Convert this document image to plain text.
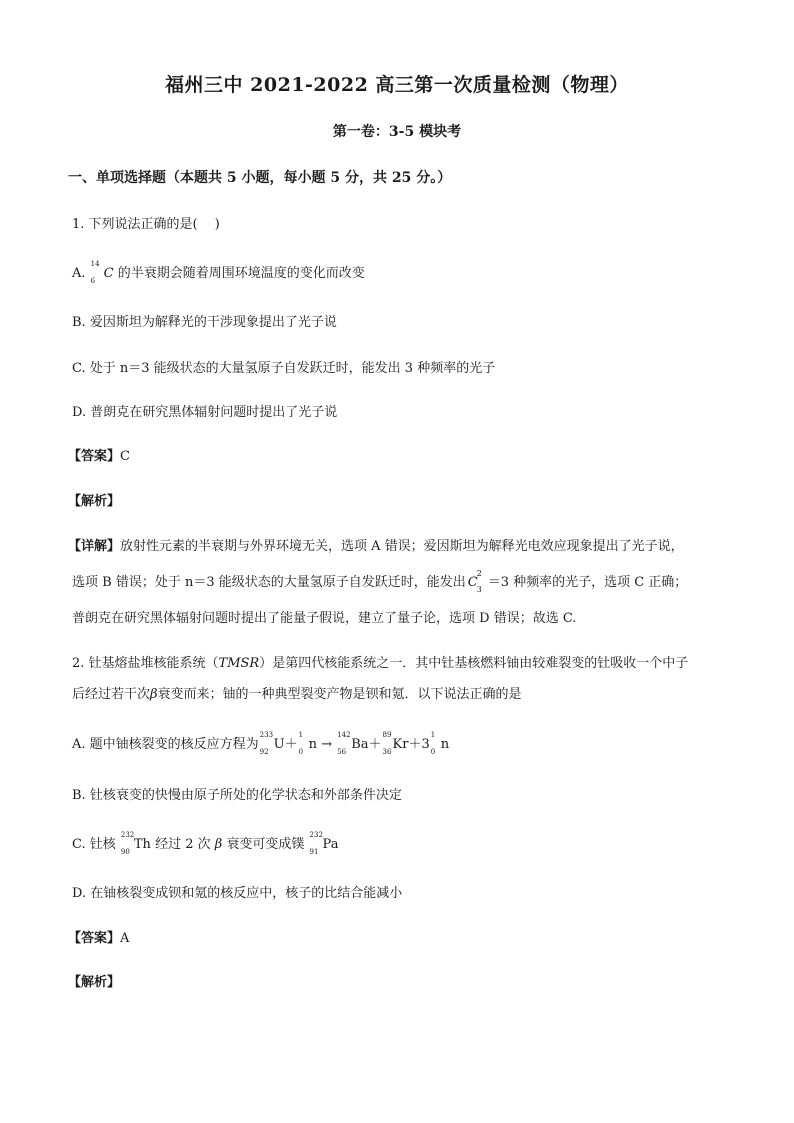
福州三中 2021-2022 高三第一次质量检测（物理）
第一卷：3-5 模块考
一、单项选择题（本题共 5 小题，每小题 5 分，共 25 分。）
1. 下列说法正确的是(　 )
A.
14
6 C 的半衰期会随着周围环境温度的变化而改变
B. 爱因斯坦为解释光的干涉现象提出了光子说
C. 处于 n＝3 能级状态的大量氢原子自发跃迁时，能发出 3 种频率的光子
D. 普朗克在研究黑体辐射问题时提出了光子说
【答案】C
【解析】
【详解】放射性元素的半衰期与外界环境无关，选项 A 错误；爱因斯坦为解释光电效应现象提出了光子说，
选项 B 错误；处于 n＝3 能级状态的大量氢原子自发跃迁时，能发出 C
2
3 ＝3 种频率的光子，选项 C 正确；
普朗克在研究黑体辐射问题时提出了能量子假说，建立了量子论，选项 D 错误；故选 C.
2. 钍基熔盐堆核能系统（TMSR）是第四代核能系统之一．其中钍基核燃料铀由较难裂变的钍吸收一个中子
后经过若干次β衰变而来；铀的一种典型裂变产物是钡和氪．以下说法正确的是
A. 题中铀核裂变的核反应方程为
233
92 U＋
1
0 n →
142
56 Ba＋
89
36 Kr＋3
1
0 n
B. 钍核衰变的快慢由原子所处的化学状态和外部条件决定
C. 钍核
232
90 Th 经过 2 次 β 衰变可变成镤
232
91 Pa
D. 在铀核裂变成钡和氪的核反应中，核子的比结合能减小
【答案】A
【解析】
